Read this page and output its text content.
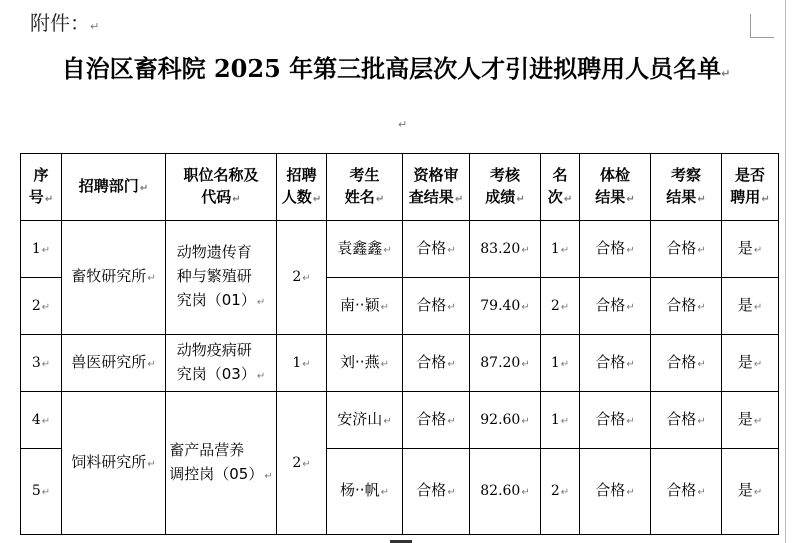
附件：↵
自治区畜科院 2025 年第三批高层次人才引进拟聘用人员名单↵
↵
序
号↵	招聘部门↵	职位名称及
代码↵	招聘
人数↵	考生
姓名↵	资格审
查结果↵	考核
成绩↵	名
次↵	体检
结果↵	考察
结果↵	是否
聘用↵
1↵	畜牧研究所↵	动物遗传育
种与繁殖研
究岗（01）↵	2↵	袁鑫鑫↵	合格↵	83.20↵	1↵	合格↵	合格↵	是↵
2↵				南··颖↵	合格↵	79.40↵	2↵	合格↵	合格↵	是↵
3↵	兽医研究所↵	动物疫病研
究岗（03）↵	1↵	刘··燕↵	合格↵	87.20↵	1↵	合格↵	合格↵	是↵
4↵	饲料研究所↵	畜产品营养
调控岗（05）↵	2↵	安济山↵	合格↵	92.60↵	1↵	合格↵	合格↵	是↵
5↵				杨··帆↵	合格↵	82.60↵	2↵	合格↵	合格↵	是↵
